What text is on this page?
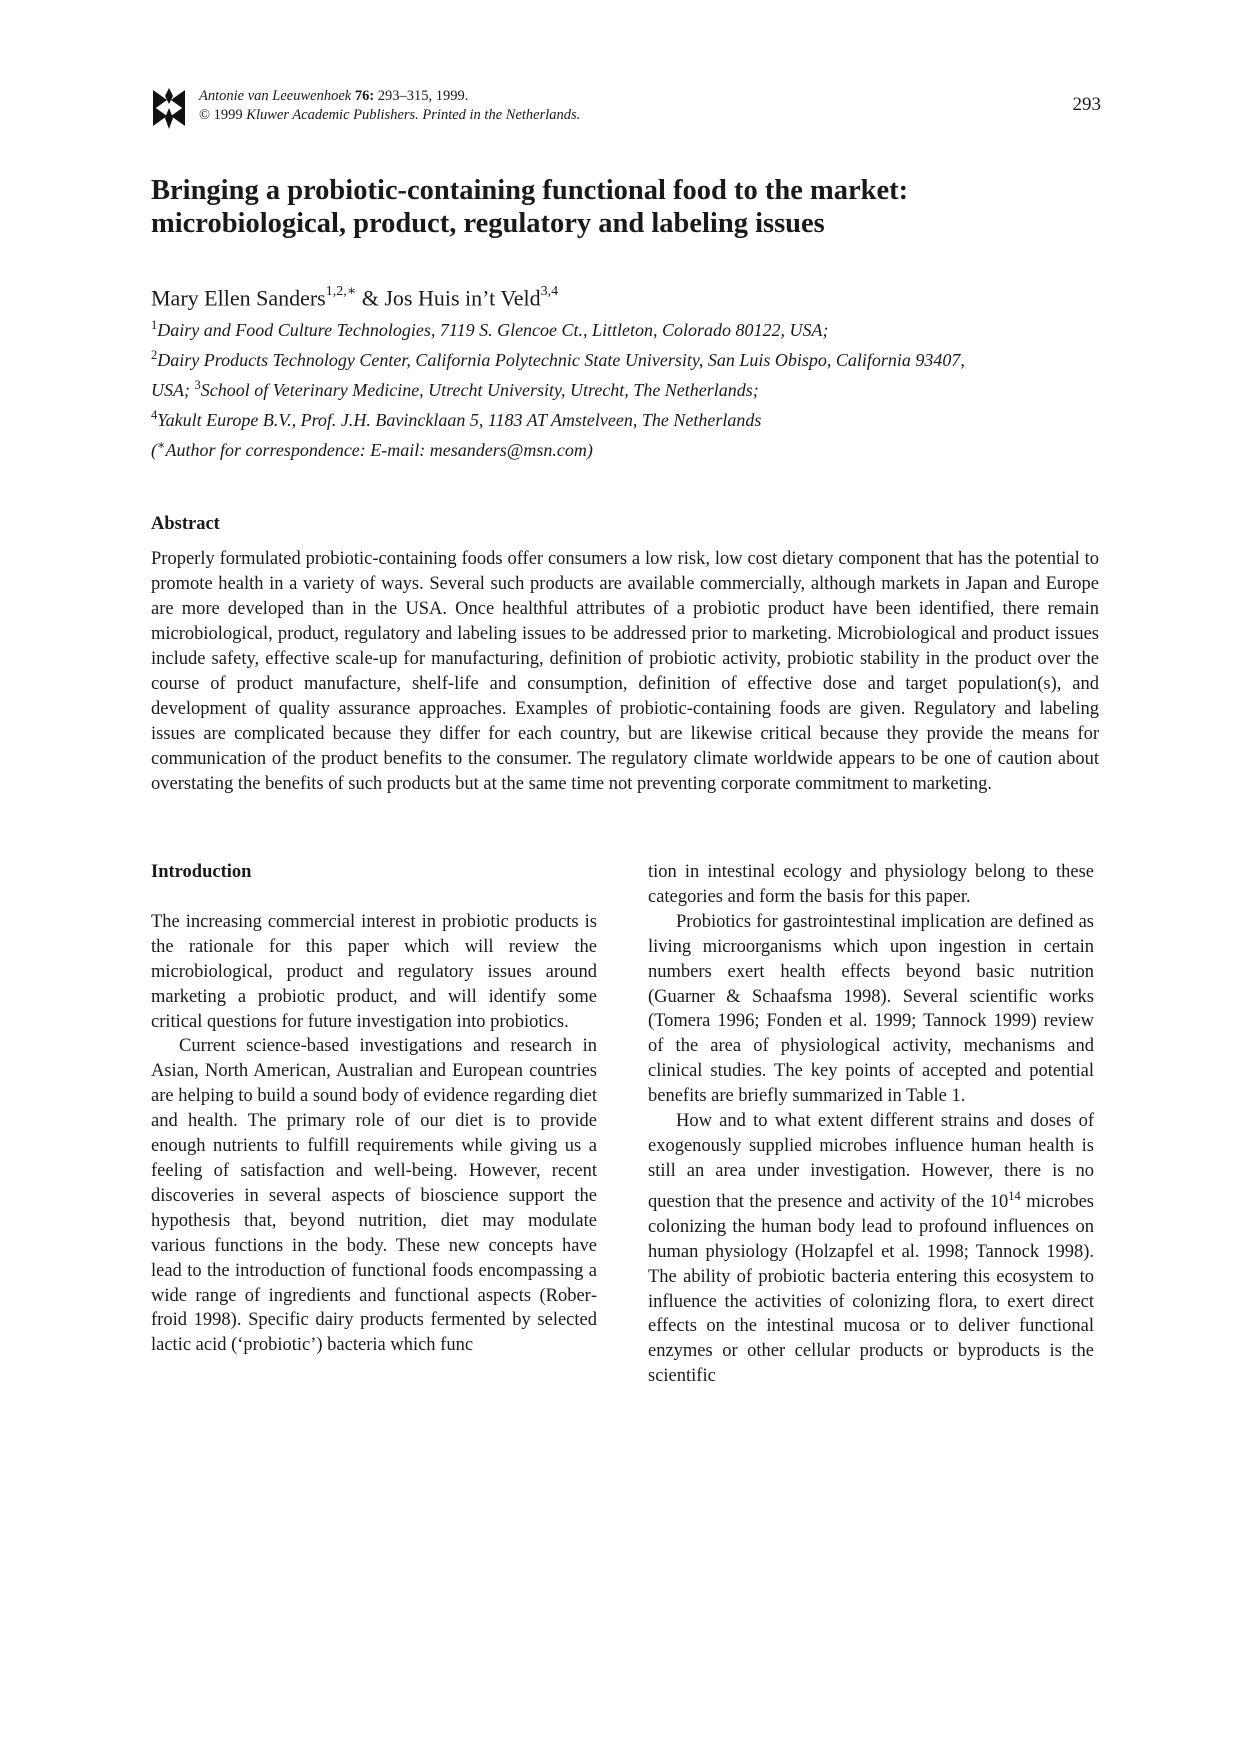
Antonie van Leeuwenhoek 76: 293–315, 1999.
© 1999 Kluwer Academic Publishers. Printed in the Netherlands.	293
Bringing a probiotic-containing functional food to the market:
microbiological, product, regulatory and labeling issues
Mary Ellen Sanders$^{1,2,∗}$ & Jos Huis in’t Veld$^{3,4}$
$^1$Dairy and Food Culture Technologies, 7119 S. Glencoe Ct., Littleton, Colorado 80122, USA;
$^2$Dairy Products Technology Center, California Polytechnic State University, San Luis Obispo, California 93407,
USA; $^3$School of Veterinary Medicine, Utrecht University, Utrecht, The Netherlands;
$^4$Yakult Europe B.V., Prof. J.H. Bavincklaan 5, 1183 AT Amstelveen, The Netherlands
(∗Author for correspondence: E-mail: mesanders@msn.com)
Abstract

Properly formulated probiotic-containing foods offer consumers a low risk, low cost dietary component that has the potential to promote health in a variety of ways. Several such products are available commercially, although markets in Japan and Europe are more developed than in the USA. Once healthful attributes of a probiotic product have been identified, there remain microbiological, product, regulatory and labeling issues to be addressed prior to marketing. Microbiological and product issues include safety, effective scale-up for manufacturing, definition of probiotic activity, probiotic stability in the product over the course of product manufacture, shelf-life and consumption, definition of effective dose and target population(s), and development of quality assurance approaches. Examples of probiotic-containing foods are given. Regulatory and labeling issues are complicated because they differ for each country, but are likewise critical because they provide the means for communication of the product benefits to the consumer. The regulatory climate worldwide appears to be one of caution about overstating the benefits of such products but at the same time not preventing corporate commitment to marketing.

Introduction

The increasing commercial interest in probiotic products is the rationale for this paper which will review the microbiological, product and regulatory issues around marketing a probiotic product, and will identify some critical questions for future investigation into probiotics.

Current science-based investigations and research in Asian, North American, Australian and European countries are helping to build a sound body of evidence regarding diet and health. The primary role of our diet is to provide enough nutrients to fulfill requirements while giving us a feeling of satisfaction and well-being. However, recent discoveries in several aspects of bioscience support the hypothesis that, beyond nutrition, diet may modulate various functions in the body. These new concepts have lead to the introduction of functional foods encompassing a wide range of ingredients and functional aspects (Roberfroid 1998). Specific dairy products fermented by selected lactic acid (‘probiotic’) bacteria which func

tion in intestinal ecology and physiology belong to these categories and form the basis for this paper.

Probiotics for gastrointestinal implication are defined as living microorganisms which upon ingestion in certain numbers exert health effects beyond basic nutrition (Guarner & Schaafsma 1998). Several scientific works (Tomera 1996; Fonden et al. 1999; Tannock 1999) review of the area of physiological activity, mechanisms and clinical studies. The key points of accepted and potential benefits are briefly summarized in Table 1.

How and to what extent different strains and doses of exogenously supplied microbes influence human health is still an area under investigation. However, there is no question that the presence and activity of the $10^{14}$ microbes colonizing the human body lead to profound influences on human physiology (Holzapfel et al. 1998; Tannock 1998). The ability of probiotic bacteria entering this ecosystem to influence the activities of colonizing flora, to exert direct effects on the intestinal mucosa or to deliver functional enzymes or other cellular products or byproducts is the scientific
